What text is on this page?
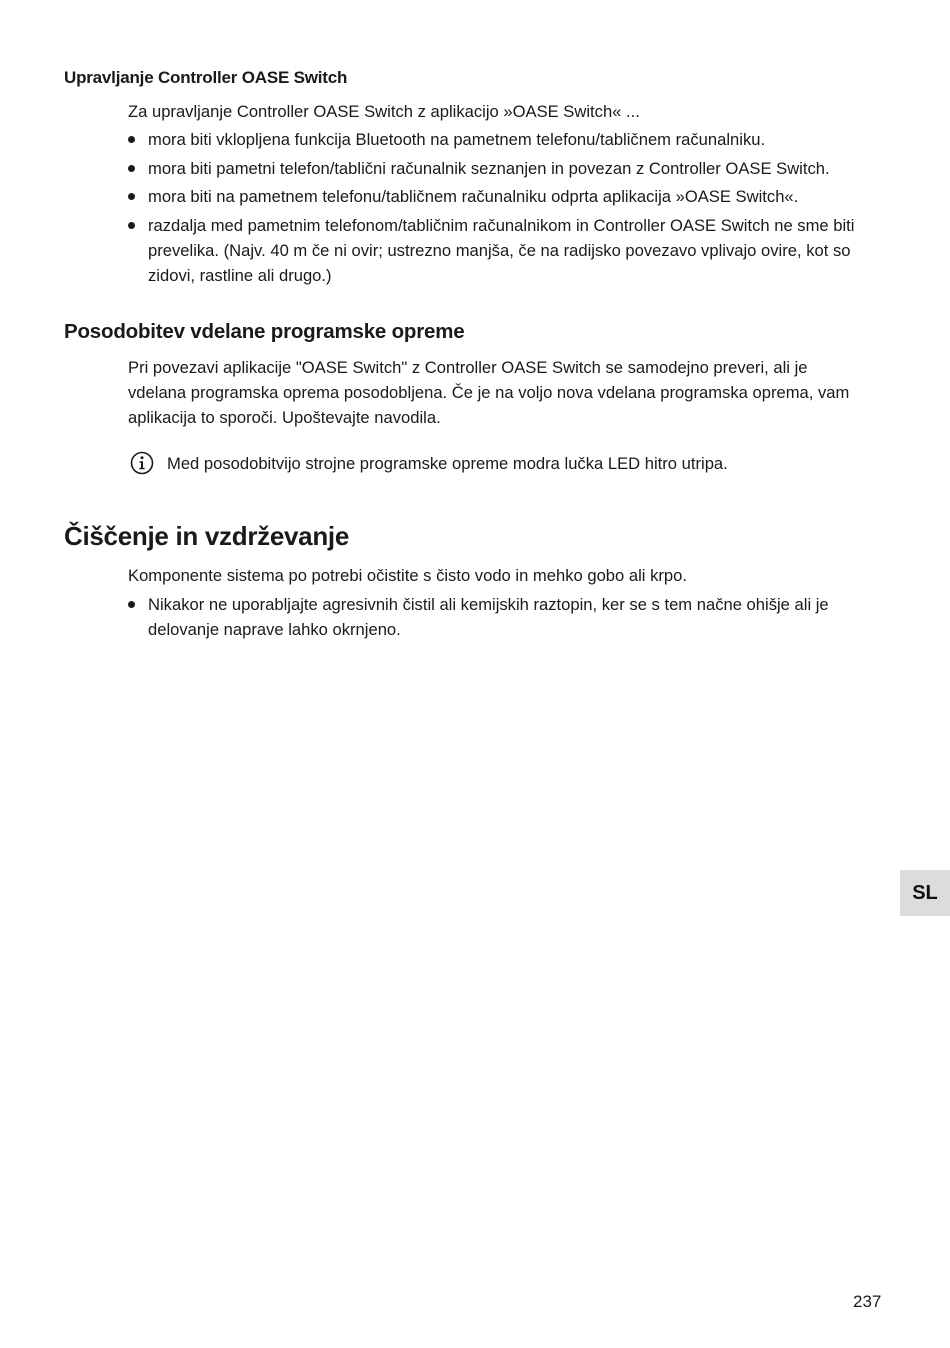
Upravljanje Controller OASE Switch
Za upravljanje Controller OASE Switch z aplikacijo »OASE Switch« ...
mora biti vklopljena funkcija Bluetooth na pametnem telefonu/tabličnem računalniku.
mora biti pametni telefon/tablični računalnik seznanjen in povezan z Controller OASE Switch.
mora biti na pametnem telefonu/tabličnem računalniku odprta aplikacija »OASE Switch«.
razdalja med pametnim telefonom/tabličnim računalnikom in Controller OASE Switch ne sme biti prevelika. (Najv. 40 m če ni ovir; ustrezno manjša, če na radijsko povezavo vplivajo ovire, kot so zidovi, rastline ali drugo.)
Posodobitev vdelane programske opreme
Pri povezavi aplikacije "OASE Switch" z Controller OASE Switch se samodejno preveri, ali je vdelana programska oprema posodobljena. Če je na voljo nova vdelana programska oprema, vam aplikacija to sporoči. Upoštevajte navodila.
Med posodobitvijo strojne programske opreme modra lučka LED hitro utripa.
Čiščenje in vzdrževanje
Komponente sistema po potrebi očistite s čisto vodo in mehko gobo ali krpo.
Nikakor ne uporabljajte agresivnih čistil ali kemijskih raztopin, ker se s tem načne ohišje ali je delovanje naprave lahko okrnjeno.
SL
237
